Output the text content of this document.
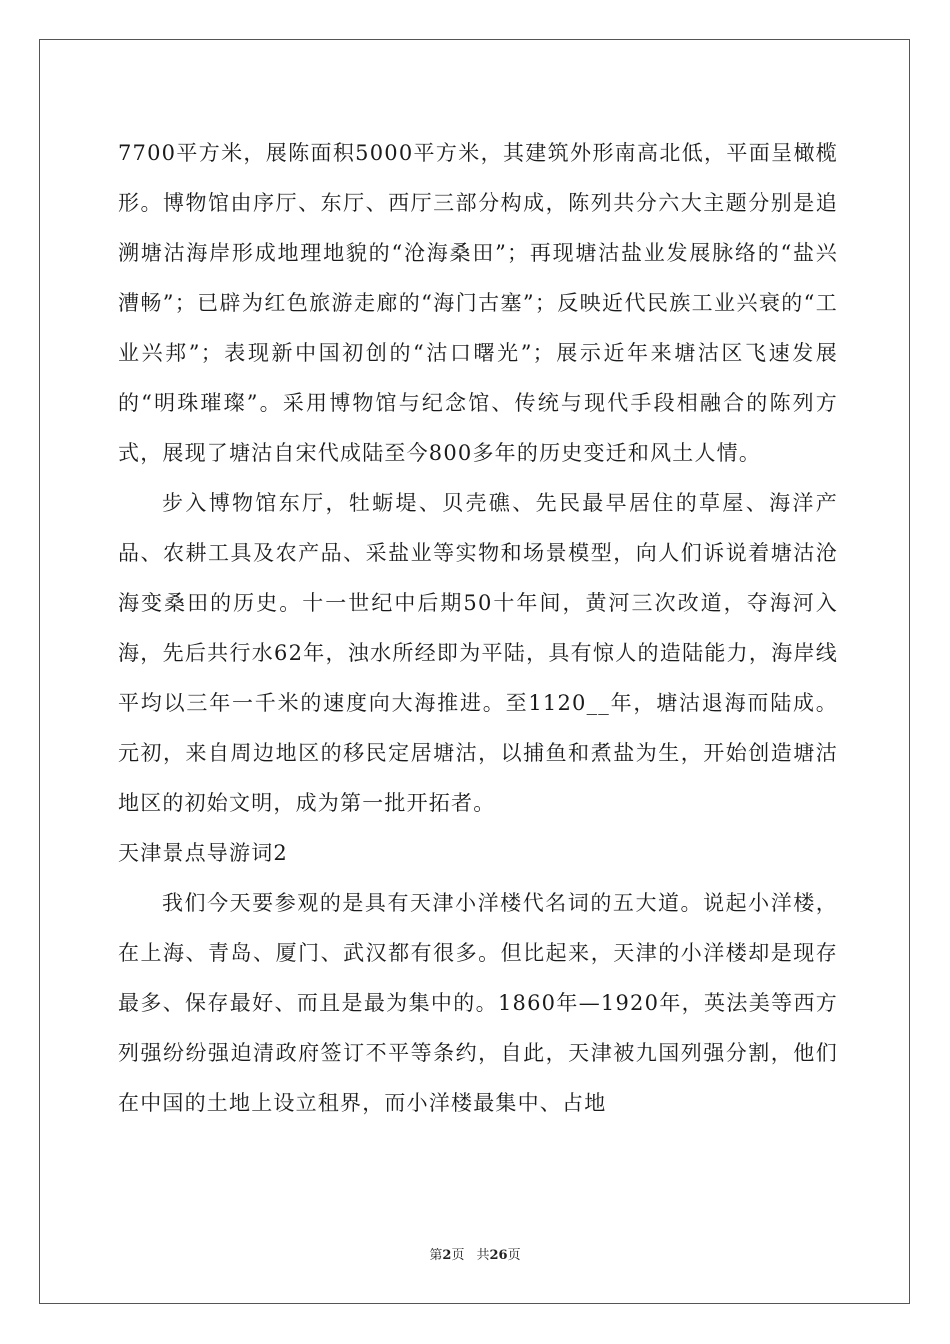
7700平方米，展陈面积5000平方米，其建筑外形南高北低，平面呈橄榄形。博物馆由序厅、东厅、西厅三部分构成，陈列共分六大主题分别是追溯塘沽海岸形成地理地貌的“沧海桑田”；再现塘沽盐业发展脉络的“盐兴漕畅”；已辟为红色旅游走廊的“海门古塞”；反映近代民族工业兴衰的“工业兴邦”；表现新中国初创的“沽口曙光”；展示近年来塘沽区飞速发展的“明珠璀璨”。采用博物馆与纪念馆、传统与现代手段相融合的陈列方式，展现了塘沽自宋代成陆至今800多年的历史变迁和风土人情。

步入博物馆东厅，牡蛎堤、贝壳礁、先民最早居住的草屋、海洋产品、农耕工具及农产品、采盐业等实物和场景模型，向人们诉说着塘沽沧海变桑田的历史。十一世纪中后期50十年间，黄河三次改道，夺海河入海，先后共行水62年，浊水所经即为平陆，具有惊人的造陆能力，海岸线平均以三年一千米的速度向大海推进。至1120__年，塘沽退海而陆成。元初，来自周边地区的移民定居塘沽，以捕鱼和煮盐为生，开始创造塘沽地区的初始文明，成为第一批开拓者。

天津景点导游词2

我们今天要参观的是具有天津小洋楼代名词的五大道。说起小洋楼，在上海、青岛、厦门、武汉都有很多。但比起来，天津的小洋楼却是现存最多、保存最好、而且是最为集中的。1860年—1920年，英法美等西方列强纷纷强迫清政府签订不平等条约，自此，天津被九国列强分割，他们在中国的土地上设立租界，而小洋楼最集中、占地

第2页 共26页
